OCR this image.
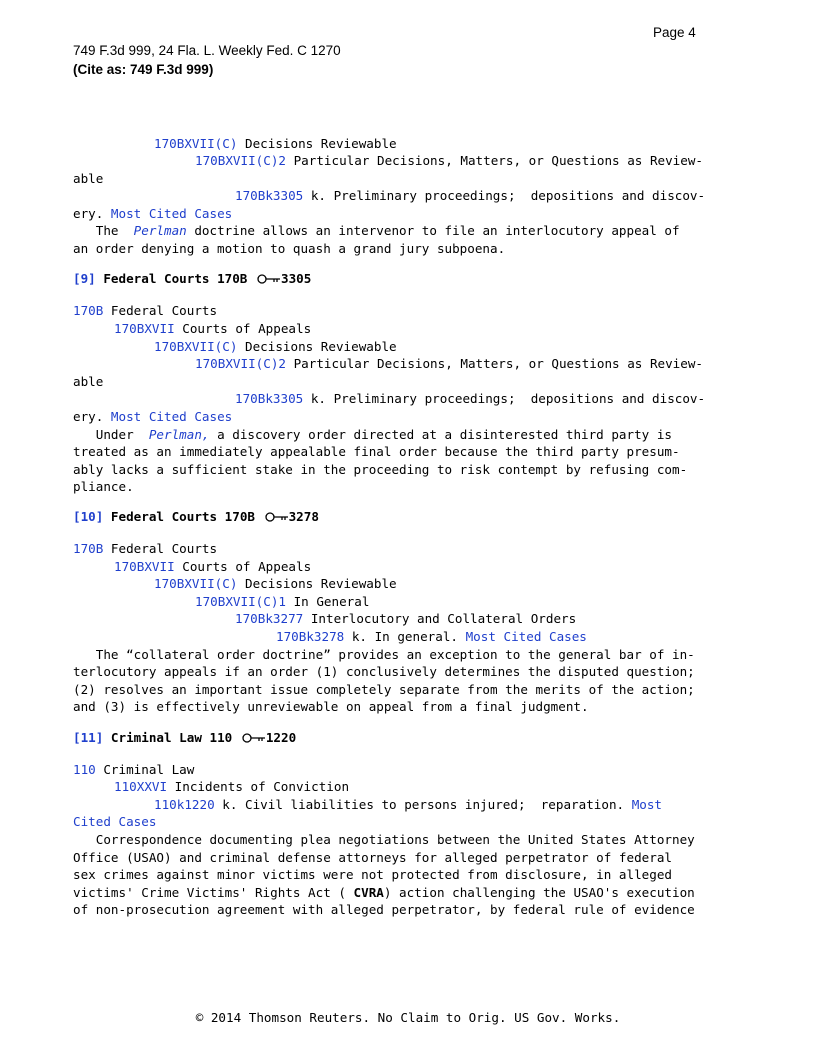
Page 4
749 F.3d 999, 24 Fla. L. Weekly Fed. C 1270
(Cite as: 749 F.3d 999)
170BXVII(C) Decisions Reviewable
170BXVII(C)2 Particular Decisions, Matters, or Questions as Review-
able
170Bk3305 k. Preliminary proceedings;  depositions and discov-
ery. Most Cited Cases
The  Perlman doctrine allows an intervenor to file an interlocutory appeal of
an order denying a motion to quash a grand jury subpoena.
[9] Federal Courts 170B 3305
170B Federal Courts
170BXVII Courts of Appeals
170BXVII(C) Decisions Reviewable
170BXVII(C)2 Particular Decisions, Matters, or Questions as Review-
able
170Bk3305 k. Preliminary proceedings;  depositions and discov-
ery. Most Cited Cases
Under  Perlman, a discovery order directed at a disinterested third party is
treated as an immediately appealable final order because the third party presum-
ably lacks a sufficient stake in the proceeding to risk contempt by refusing com-
pliance.
[10] Federal Courts 170B 3278
170B Federal Courts
170BXVII Courts of Appeals
170BXVII(C) Decisions Reviewable
170BXVII(C)1 In General
170Bk3277 Interlocutory and Collateral Orders
170Bk3278 k. In general. Most Cited Cases
The “collateral order doctrine” provides an exception to the general bar of in-
terlocutory appeals if an order (1) conclusively determines the disputed question;
(2) resolves an important issue completely separate from the merits of the action;
and (3) is effectively unreviewable on appeal from a final judgment.
[11] Criminal Law 110 1220
110 Criminal Law
110XXVI Incidents of Conviction
110k1220 k. Civil liabilities to persons injured;  reparation. Most
Cited Cases
Correspondence documenting plea negotiations between the United States Attorney
Office (USAO) and criminal defense attorneys for alleged perpetrator of federal
sex crimes against minor victims were not protected from disclosure, in alleged
victims' Crime Victims' Rights Act ( CVRA) action challenging the USAO's execution
of non-prosecution agreement with alleged perpetrator, by federal rule of evidence
© 2014 Thomson Reuters. No Claim to Orig. US Gov. Works.
